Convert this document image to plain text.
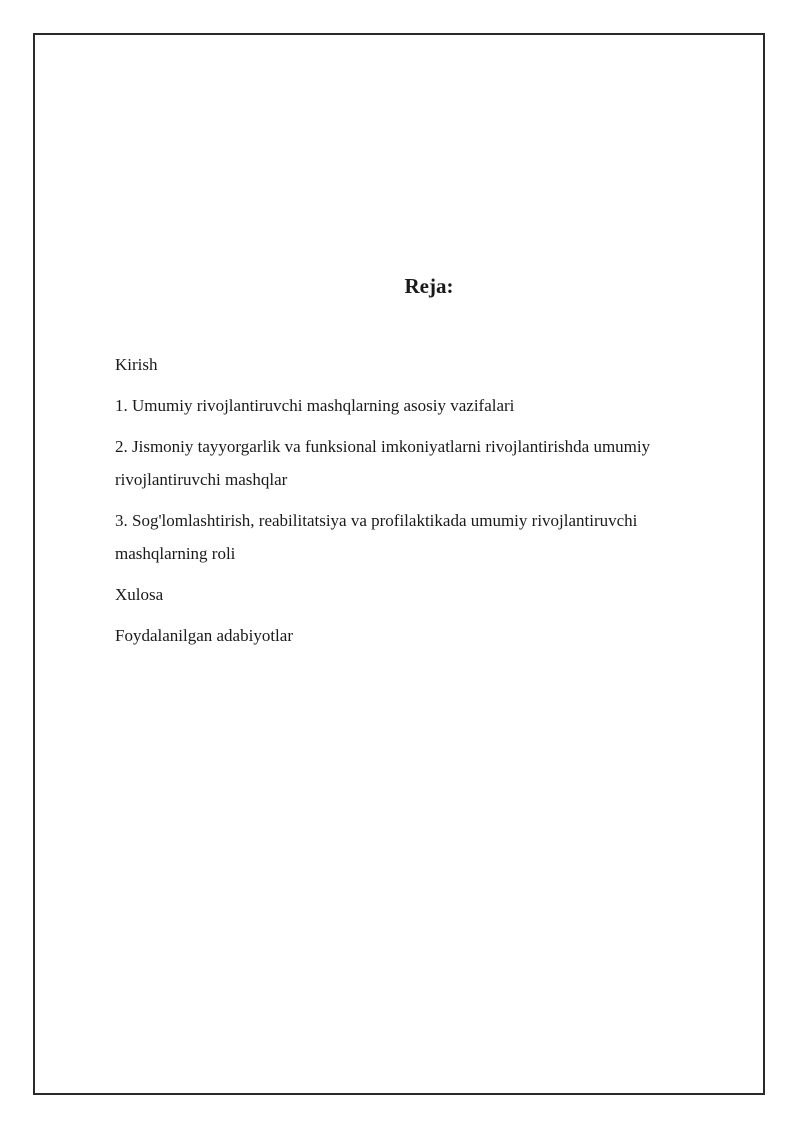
Reja:
Kirish
1. Umumiy rivojlantiruvchi mashqlarning asosiy vazifalari
2. Jismoniy tayyorgarlik va funksional imkoniyatlarni rivojlantirishda umumiy rivojlantiruvchi mashqlar
3. Sog'lomlashtirish, reabilitatsiya va profilaktikada umumiy rivojlantiruvchi mashqlarning roli
Xulosa
Foydalanilgan adabiyotlar
